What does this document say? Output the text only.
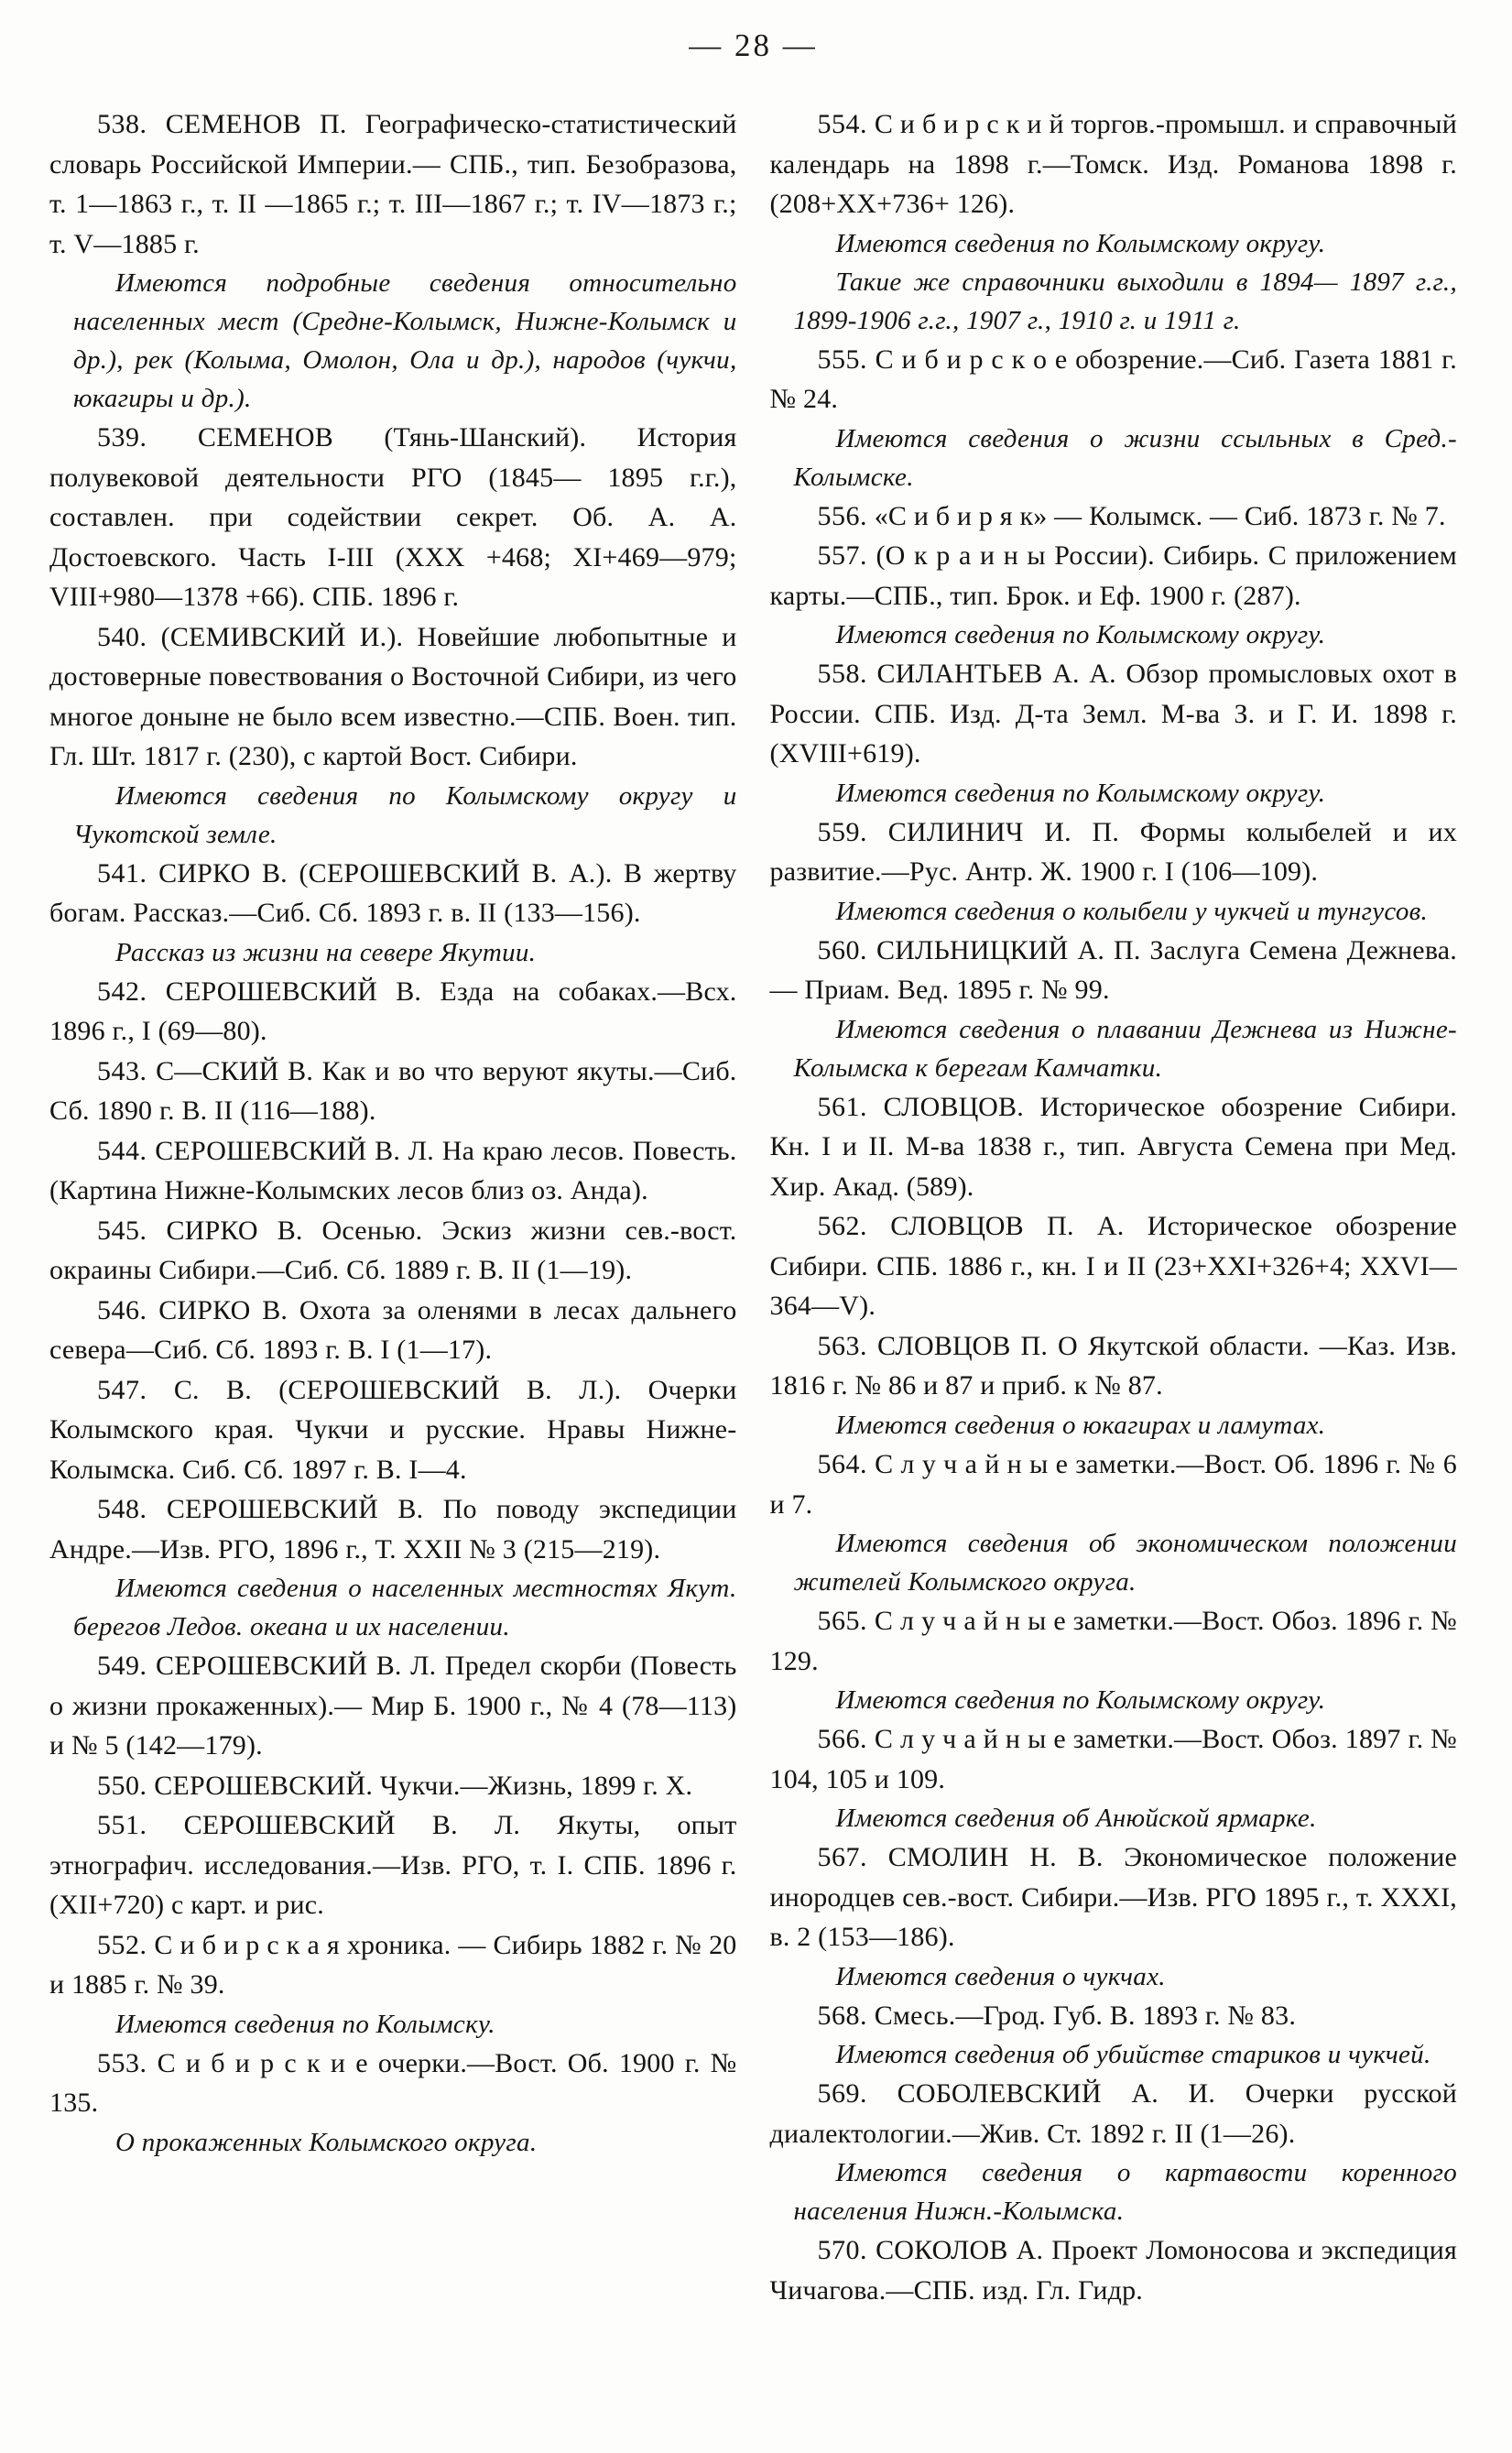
— 28 —

538. СЕМЕНОВ П. Географическо-статистический словарь Российской Империи.— СПБ., тип. Безобразова, т. 1—1863 г., т. II —1865 г.; т. III—1867 г.; т. IV—1873 г.; т. V—1885 г.

Имеются подробные сведения относительно населенных мест (Средне-Колымск, Нижне-Колымск и др.), рек (Колыма, Омолон, Ола и др.), народов (чукчи, юкагиры и др.).

539. СЕМЕНОВ (Тянь-Шанский). История полувековой деятельности РГО (1845— 1895 г.г.), составлен. при содействии секрет. Об. А. А. Достоевского. Часть I-III (XXX +468; XI+469—979; VIII+980—1378 +66). СПБ. 1896 г.

540. (СЕМИВСКИЙ И.). Новейшие любопытные и достоверные повествования о Восточной Сибири, из чего многое доныне не было всем известно.—СПБ. Воен. тип. Гл. Шт. 1817 г. (230), с картой Вост. Сибири.

Имеются сведения по Колымскому округу и Чукотской земле.

541. СИРКО В. (СЕРОШЕВСКИЙ В. А.). В жертву богам. Рассказ.—Сиб. Сб. 1893 г. в. II (133—156).

Рассказ из жизни на севере Якутии.

542. СЕРОШЕВСКИЙ В. Езда на собаках.—Всх. 1896 г., I (69—80).

543. С—СКИЙ В. Как и во что веруют якуты.—Сиб. Сб. 1890 г. В. II (116—188).

544. СЕРОШЕВСКИЙ В. Л. На краю лесов. Повесть. (Картина Нижне-Колымских лесов близ оз. Анда).

545. СИРКО В. Осенью. Эскиз жизни сев.-вост. окраины Сибири.—Сиб. Сб. 1889 г. В. II (1—19).

546. СИРКО В. Охота за оленями в лесах дальнего севера—Сиб. Сб. 1893 г. В. I (1—17).

547. С. В. (СЕРОШЕВСКИЙ В. Л.). Очерки Колымского края. Чукчи и русские. Нравы Нижне-Колымска. Сиб. Сб. 1897 г. В. I—4.

548. СЕРОШЕВСКИЙ В. По поводу экспедиции Андре.—Изв. РГО, 1896 г., Т. XXII № 3 (215—219).

Имеются сведения о населенных местностях Якут. берегов Ледов. океана и их населении.

549. СЕРОШЕВСКИЙ В. Л. Предел скорби (Повесть о жизни прокаженных).— Мир Б. 1900 г., № 4 (78—113) и № 5 (142—179).

550. СЕРОШЕВСКИЙ. Чукчи.—Жизнь, 1899 г. X.

551. СЕРОШЕВСКИЙ В. Л. Якуты, опыт этнографич. исследования.—Изв. РГО, т. I. СПБ. 1896 г. (XII+720) с карт. и рис.

552. С и б и р с к а я хроника. — Сибирь 1882 г. № 20 и 1885 г. № 39.

Имеются сведения по Колымску.

553. С и б и р с к и е очерки.—Вост. Об. 1900 г. № 135.

О прокаженных Колымского округа.

554. С и б и р с к и й торгов.-промышл. и справочный календарь на 1898 г.—Томск. Изд. Романова 1898 г. (208+XX+736+ 126).

Имеются сведения по Колымскому округу.

Такие же справочники выходили в 1894— 1897 г.г., 1899-1906 г.г., 1907 г., 1910 г. и 1911 г.

555. С и б и р с к о е обозрение.—Сиб. Газета 1881 г. № 24.

Имеются сведения о жизни ссыльных в Сред.-Колымске.

556. «С и б и р я к» — Колымск. — Сиб. 1873 г. № 7.

557. (О к р а и н ы России). Сибирь. С приложением карты.—СПБ., тип. Брок. и Еф. 1900 г. (287).

Имеются сведения по Колымскому округу.

558. СИЛАНТЬЕВ А. А. Обзор промысловых охот в России. СПБ. Изд. Д-та Земл. М-ва З. и Г. И. 1898 г. (XVIII+619).

Имеются сведения по Колымскому округу.

559. СИЛИНИЧ И. П. Формы колыбелей и их развитие.—Рус. Антр. Ж. 1900 г. I (106—109).

Имеются сведения о колыбели у чукчей и тунгусов.

560. СИЛЬНИЦКИЙ А. П. Заслуга Семена Дежнева. — Приам. Вед. 1895 г. № 99.

Имеются сведения о плавании Дежнева из Нижне-Колымска к берегам Камчатки.

561. СЛОВЦОВ. Историческое обозрение Сибири. Кн. I и II. М-ва 1838 г., тип. Августа Семена при Мед. Хир. Акад. (589).

562. СЛОВЦОВ П. А. Историческое обозрение Сибири. СПБ. 1886 г., кн. I и II (23+XXI+326+4; XXVI—364—V).

563. СЛОВЦОВ П. О Якутской области. —Каз. Изв. 1816 г. № 86 и 87 и приб. к № 87.

Имеются сведения о юкагирах и ламутах.

564. С л у ч а й н ы е заметки.—Вост. Об. 1896 г. № 6 и 7.

Имеются сведения об экономическом положении жителей Колымского округа.

565. С л у ч а й н ы е заметки.—Вост. Обоз. 1896 г. № 129.

Имеются сведения по Колымскому округу.

566. С л у ч а й н ы е заметки.—Вост. Обоз. 1897 г. № 104, 105 и 109.

Имеются сведения об Анюйской ярмарке.

567. СМОЛИН Н. В. Экономическое положение инородцев сев.-вост. Сибири.—Изв. РГО 1895 г., т. XXXI, в. 2 (153—186).

Имеются сведения о чукчах.

568. Смесь.—Грод. Губ. В. 1893 г. № 83.

Имеются сведения об убийстве стариков и чукчей.

569. СОБОЛЕВСКИЙ А. И. Очерки русской диалектологии.—Жив. Ст. 1892 г. II (1—26).

Имеются сведения о картавости коренного населения Нижн.-Колымска.

570. СОКОЛОВ А. Проект Ломоносова и экспедиция Чичагова.—СПБ. изд. Гл. Гидр.
